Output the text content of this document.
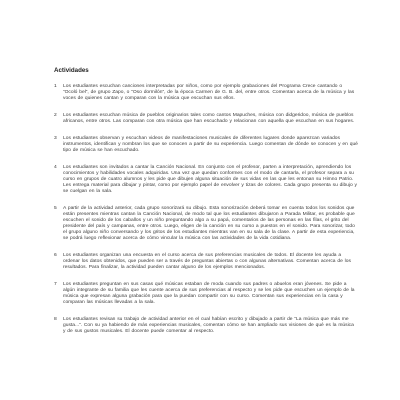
Actividades
1	Los estudiantes escuchan canciones interpretadas por niños, como por ejemplo grabaciones del Programa Crece cantando o “Ocoló bel”, de grupo Zapo, o “Oso dormilón”, de la época Carmen de G. B. del, entre otros. Comentan acerca de la música y las voces de quienes cantan y comparan con la música que escuchan sus ellos.
2	Los estudiantes escuchan música de pueblos originarios tales como cantos Mapuches, música con didgeridoo, música de pueblos africanos, entre otros. Las comparan con otra música que han escuchado y relacionan con aquella que escuchan en sus hogares.
3	Los estudiantes observan y escuchan videos de manifestaciones musicales de diferentes lugares donde aparezcan variados instrumentos, identifican y nombran los que se conocen a partir de su experiencia. Luego comentan de dónde se conocen y en qué tipo de música se han escuchado.
4	Los estudiantes son invitados a cantar la Canción Nacional. En conjunto con el profesor, parten a interpretación, aprendiendo los conocimientos y habilidades vocales adquiridas. Una vez que quedan conformes con el modo de cantarla, el profesor separa a su curso en grupos de cuatro alumnos y les pide que dibujen alguna situación de sus vidas en las que les entonan su Himno Patrio. Les entrega material para dibujar y pintar, como por ejemplo papel de envolver y tizas de colores. Cada grupo presenta su dibujo y se cuelgan en la sala.
5	A partir de la actividad anterior, cada grupo sonorizará su dibujo. Esta sonorización deberá tomar en cuenta todos los sonidos que están presentes mientras cantan la Canción Nacional, de modo tal que los estudiantes dibujaron a Parada Militar, es probable que escuchen el sonido de los caballos y un niño preguntando algo a su papá, comentarios de las personas en las filas, el grito del presidente del país y campanas, entre otros. Luego, eligen de la canción en su curso a puestos en el sonido. Para sonorizar, todo el grupo alguno niño conversando y los gritos de los estudiantes mientras van en su sala de la clase. A partir de esta experiencia, se podrá luego reflexionar acerca de cómo vincular la música con las actividades de la vida cotidiana.
6	Los estudiantes organizan una encuesta en el curso acerca de sus preferencias musicales de todos. El docente les ayuda a ordenar los datos obtenidos, que pueden ser a través de preguntas abiertas o con algunas alternativas. Comentan acerca de los resultados. Para finalizar, la actividad pueden cantar alguno de los ejemplos mencionados.
7	Los estudiantes preguntan en sus casas qué músicas estaban de moda cuando sus padres o abuelos eran jóvenes. Se pide a algún integrante de su familia que les cuente acerca de sus preferencias al respecto y se les pide que escuchen un ejemplo de la música que expresan alguna grabación para que la puedan compartir con su curso. Comentan sus experiencias en la casa y comparan las músicas llevadas a la sala.
8	Los estudiantes revisan su trabajo de actividad anterior en el cual habían escrito y dibujado a partir de “La música que más me gusta...”. Con su ya habiendo de más experiencias musicales, comentan cómo se han ampliado sus visiones de qué es la música y de sus gustos musicales. El docente puede comentar al respecto.
